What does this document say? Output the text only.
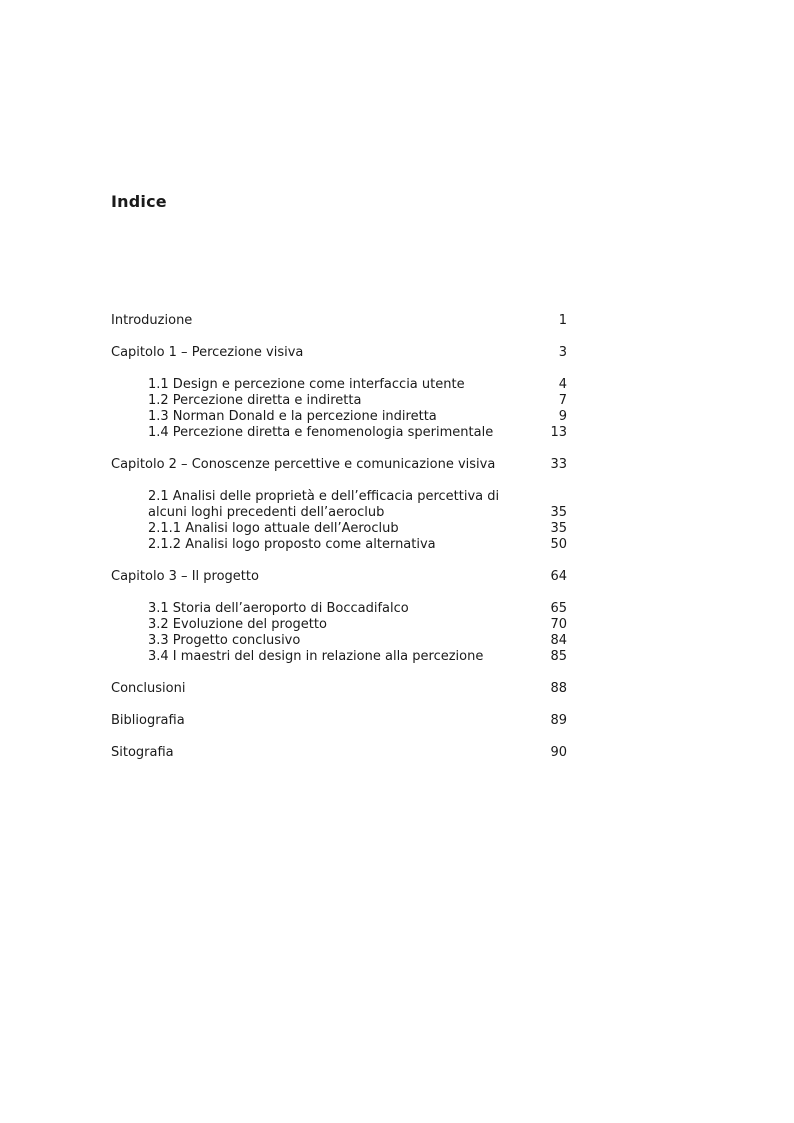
Indice
Introduzione	1
Capitolo 1 – Percezione visiva	3
1.1 Design e percezione come interfaccia utente	4
1.2 Percezione diretta e indiretta	7
1.3 Norman Donald e la percezione indiretta	9
1.4 Percezione diretta e fenomenologia sperimentale	13
Capitolo 2 – Conoscenze percettive e comunicazione visiva	33
2.1 Analisi delle proprietà e dell’efficacia percettiva di alcuni loghi precedenti dell’aeroclub	35
2.1.1 Analisi logo attuale dell’Aeroclub	35
2.1.2 Analisi logo proposto come alternativa	50
Capitolo 3 – Il progetto	64
3.1 Storia dell’aeroporto di Boccadifalco	65
3.2 Evoluzione del progetto	70
3.3 Progetto conclusivo	84
3.4 I maestri del design in relazione alla percezione	85
Conclusioni	88
Bibliografia	89
Sitografia	90
